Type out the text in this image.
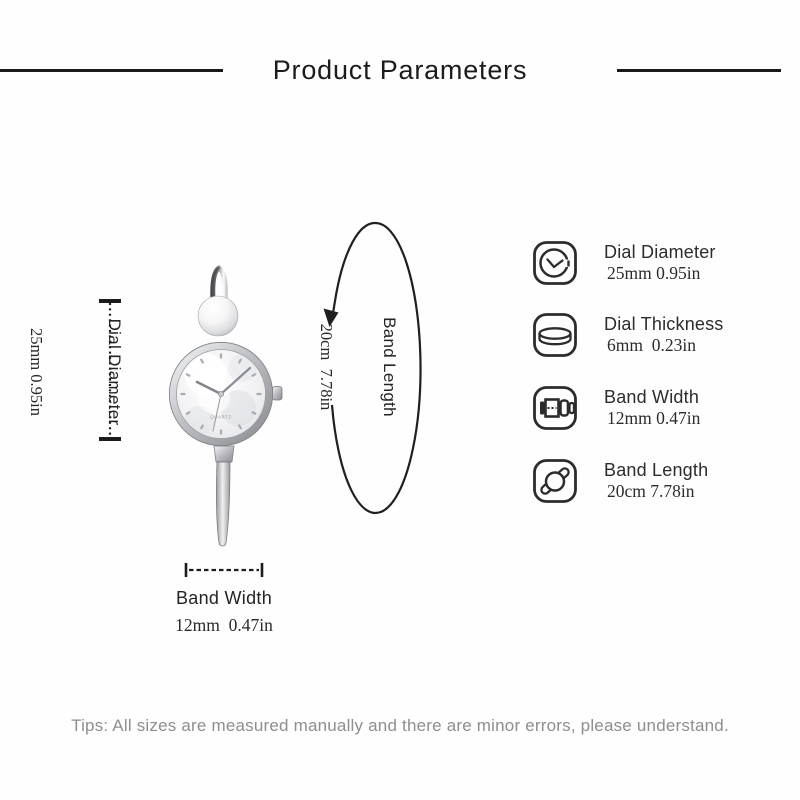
Product Parameters
QUARTZ

Dial Diameter

25mm 0.95in

	Band Length

20cm  7.78in

Band Width
12mm  0.47in
Dial Diameter
25mm 0.95in
Dial Thickness
6mm  0.23in
Band Width
12mm 0.47in
Band Length
20cm 7.78in
Tips: All sizes are measured manually and there are minor errors, please understand.
